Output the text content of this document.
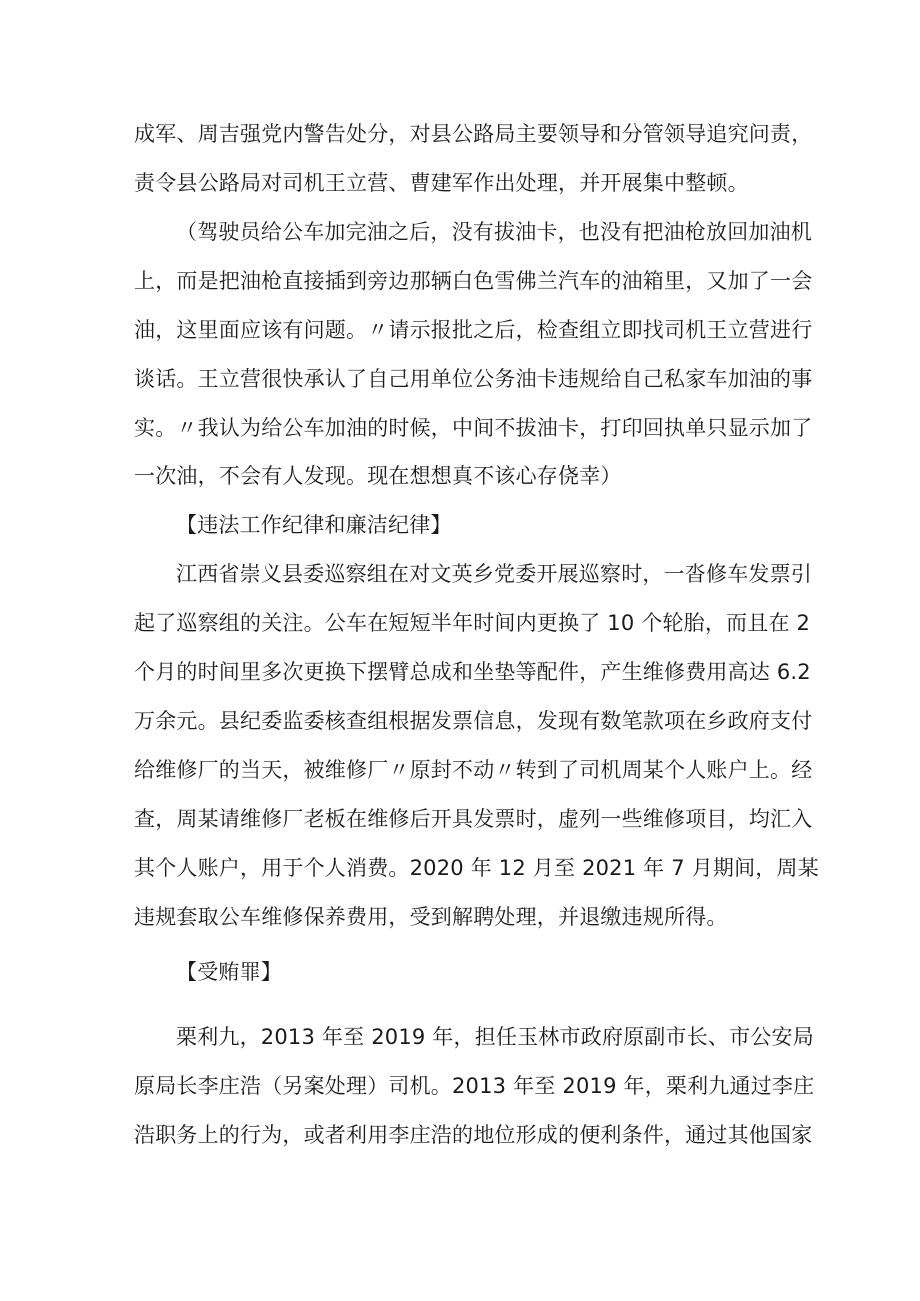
成军、周吉强党内警告处分，对县公路局主要领导和分管领导追究问责，
责令县公路局对司机王立营、曹建军作出处理，并开展集中整顿。
（驾驶员给公车加完油之后，没有拔油卡，也没有把油枪放回加油机
上，而是把油枪直接插到旁边那辆白色雪佛兰汽车的油箱里，又加了一会
油，这里面应该有问题。〃请示报批之后，检查组立即找司机王立营进行
谈话。王立营很快承认了自己用单位公务油卡违规给自己私家车加油的事
实。〃我认为给公车加油的时候，中间不拔油卡，打印回执单只显示加了
一次油，不会有人发现。现在想想真不该心存侥幸）
【违法工作纪律和廉洁纪律】
江西省崇义县委巡察组在对文英乡党委开展巡察时，一沓修车发票引
起了巡察组的关注。公车在短短半年时间内更换了 10 个轮胎，而且在 2
个月的时间里多次更换下摆臂总成和坐垫等配件，产生维修费用高达 6.2
万余元。县纪委监委核查组根据发票信息，发现有数笔款项在乡政府支付
给维修厂的当天，被维修厂〃原封不动〃转到了司机周某个人账户上。经
查，周某请维修厂老板在维修后开具发票时，虚列一些维修项目，均汇入
其个人账户，用于个人消费。2020 年 12 月至 2021 年 7 月期间，周某
违规套取公车维修保养费用，受到解聘处理，并退缴违规所得。
【受贿罪】
栗利九，2013 年至 2019 年，担任玉林市政府原副市长、市公安局
原局长李庄浩（另案处理）司机。2013 年至 2019 年，栗利九通过李庄
浩职务上的行为，或者利用李庄浩的地位形成的便利条件，通过其他国家
